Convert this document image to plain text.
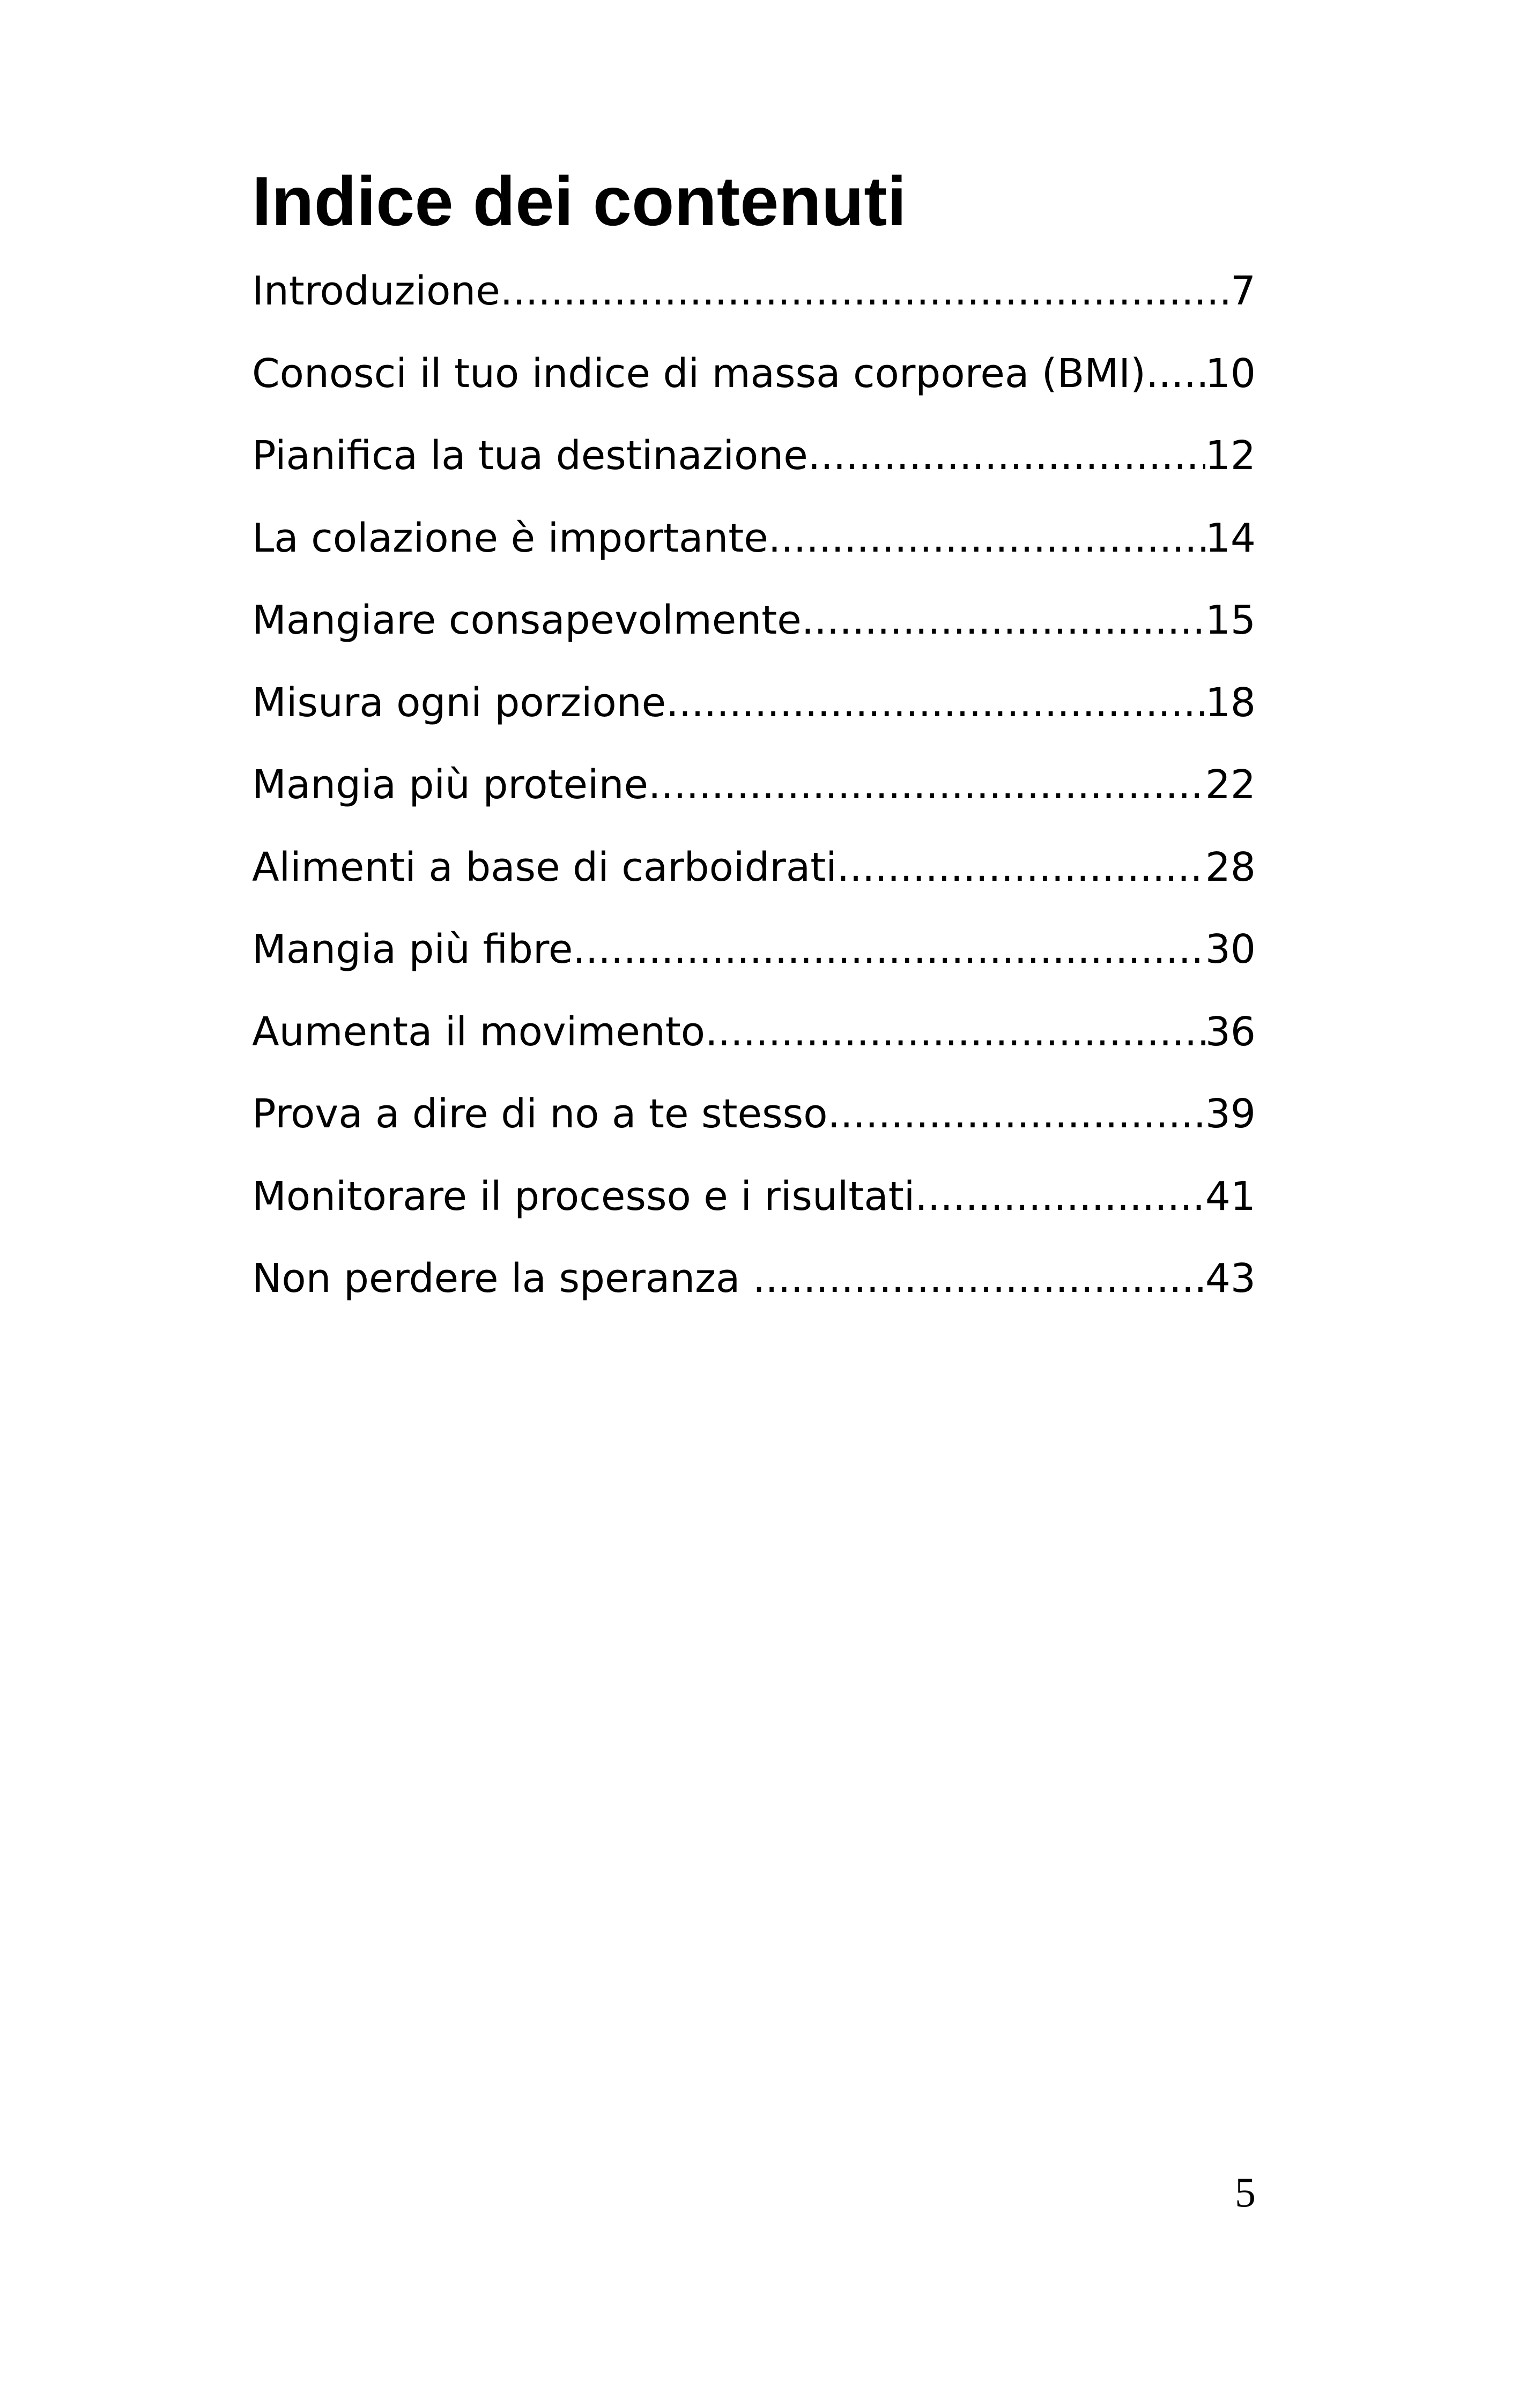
Indice dei contenuti
Introduzione .....	7
Conosci il tuo indice di massa corporea (BMI) ..... 10
Pianifica la tua destinazione .....	12
La colazione è importante .....	14
Mangiare consapevolmente .....	15
Misura ogni porzione .....	18
Mangia più proteine .....	22
Alimenti a base di carboidrati .....	28
Mangia più fibre .....	30
Aumenta il movimento .....	36
Prova a dire di no a te stesso .....	39
Monitorare il processo e i risultati .....	41
Non perdere la speranza .....	43

5
